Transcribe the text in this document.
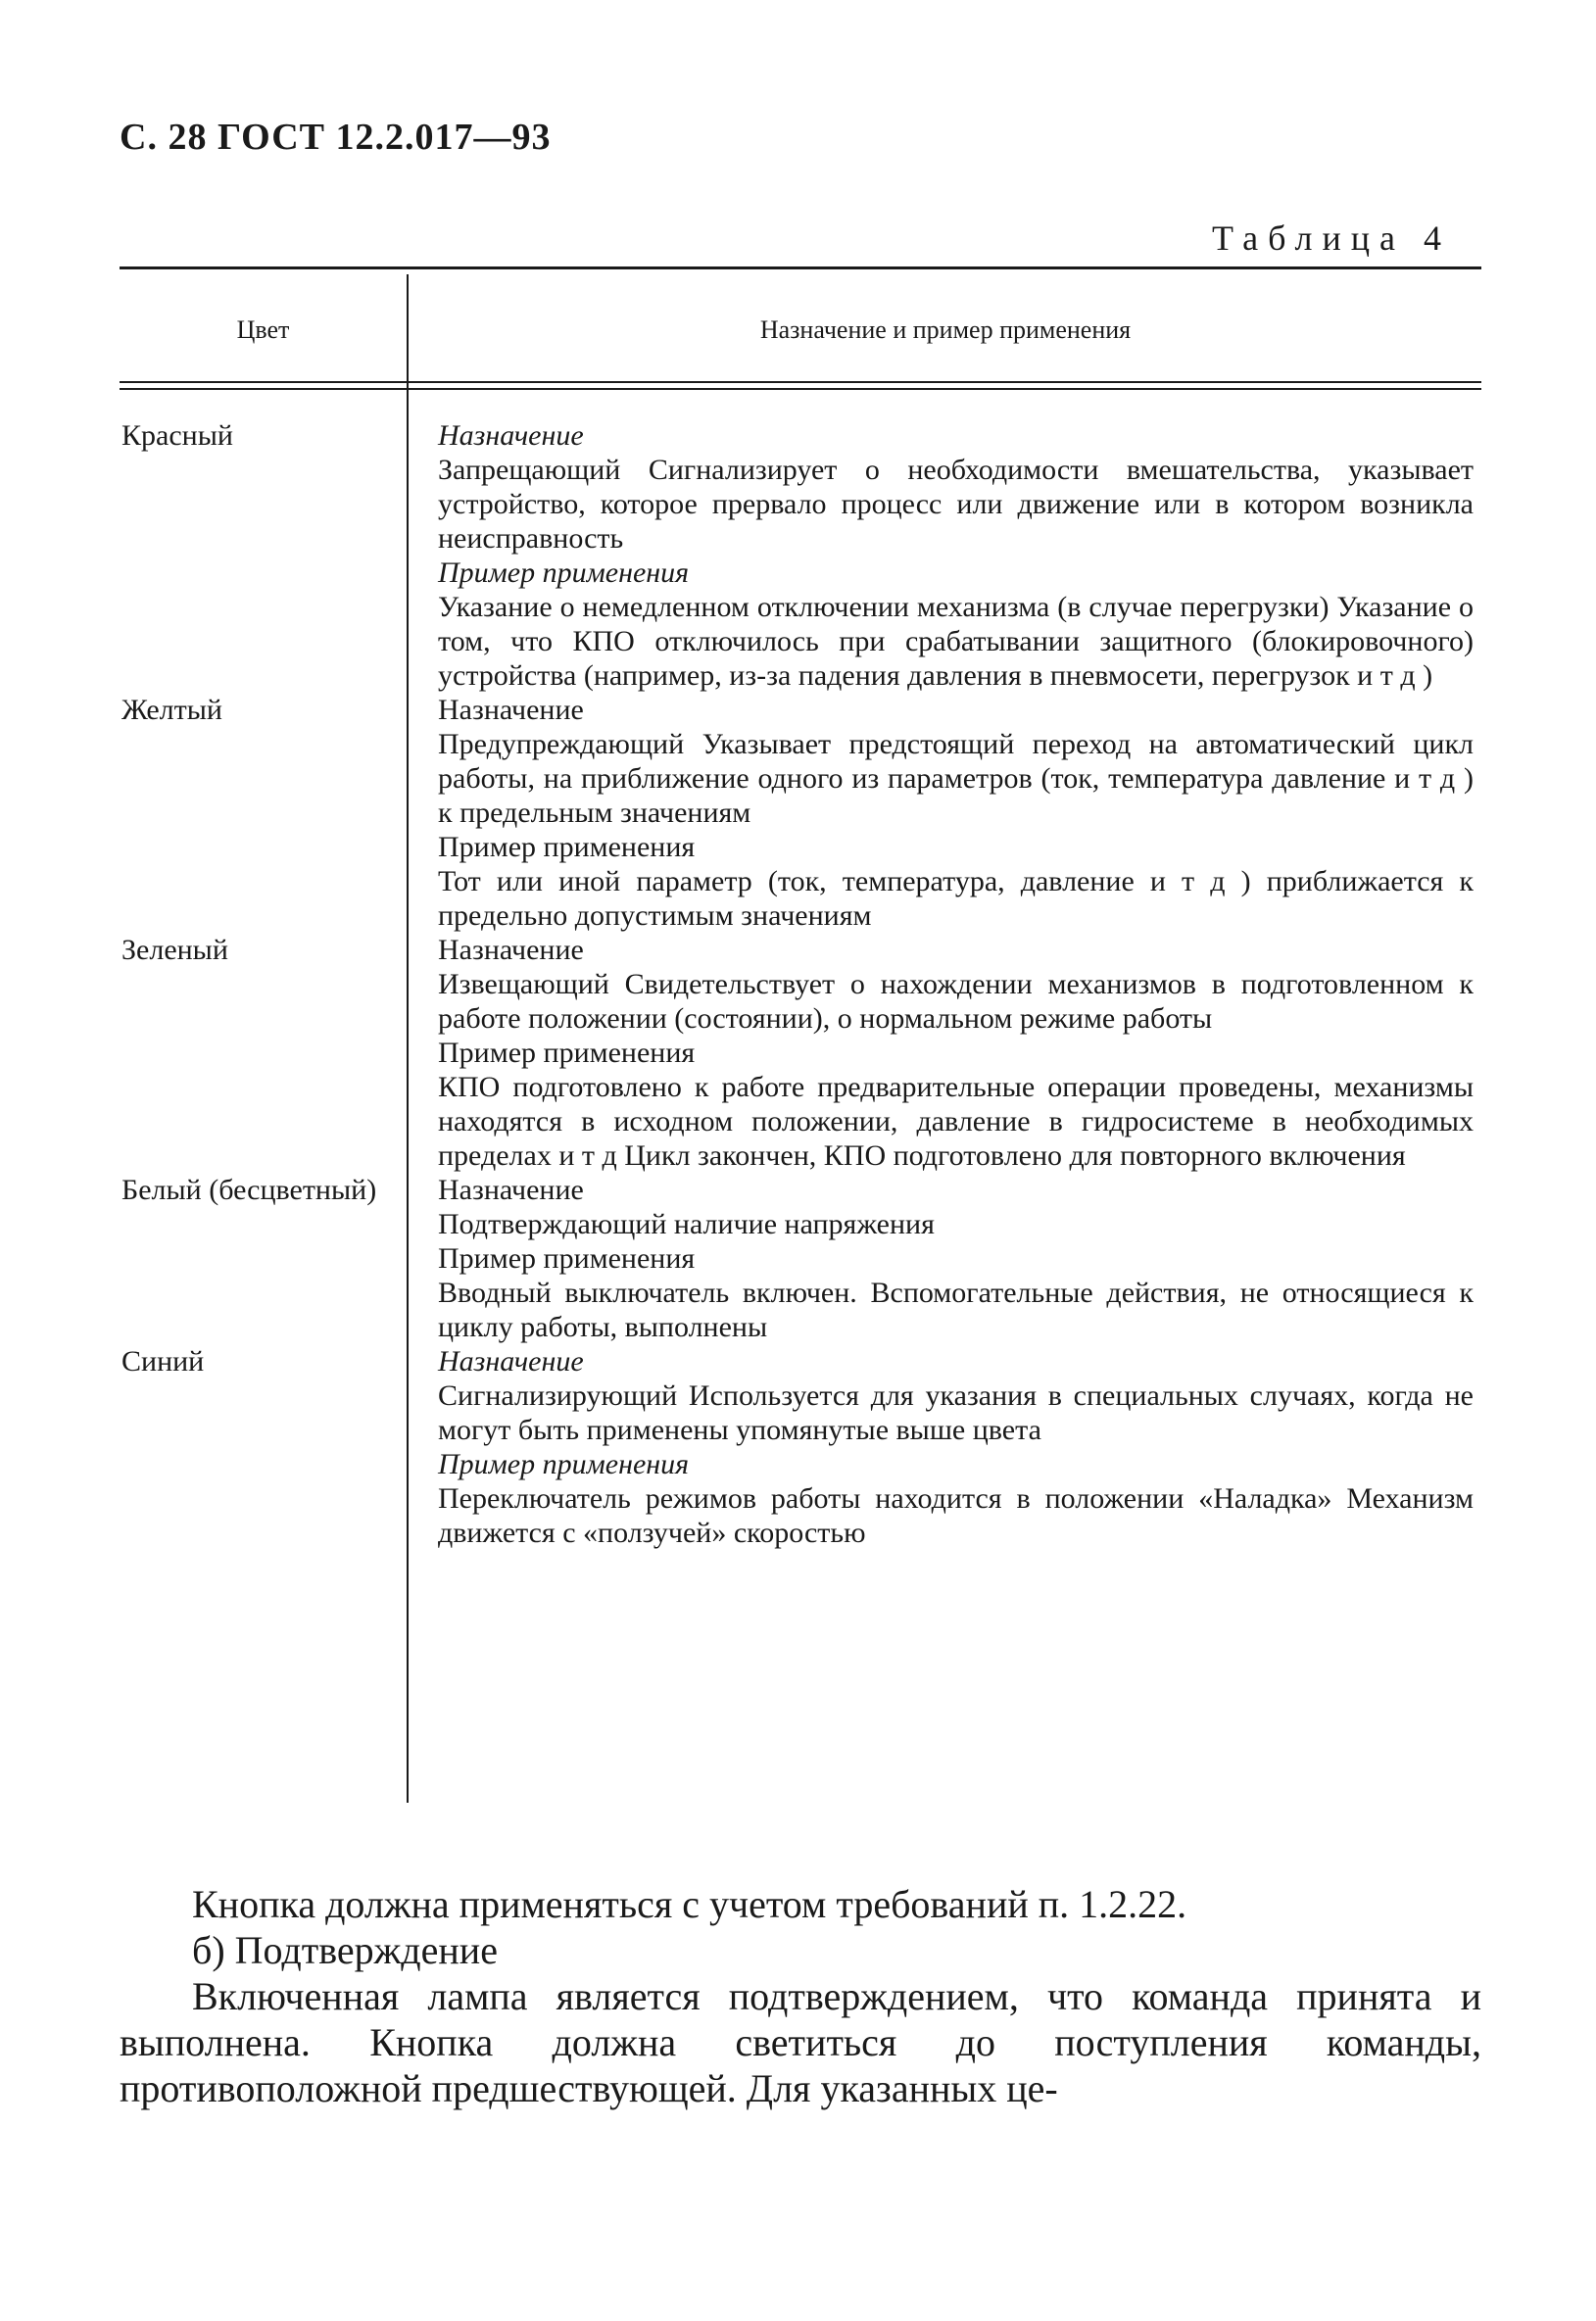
С. 28 ГОСТ 12.2.017—93
Таблица 4
Цвет	Назначение и пример применения
Красный	Назначение

Запрещающий Сигнализирует о необходимости вмешательства, указывает устройство, которое прервало процесс или движение или в котором возникла неисправность

Пример применения

Указание о немедленном отключении механизма (в случае перегрузки) Указание о том, что КПО отключилось при срабатывании защитного (блокировочного) устройства (например, из-за падения давления в пневмосети, перегрузок и т д )

Желтый	Назначение

Предупреждающий Указывает предстоящий переход на автоматический цикл работы, на приближение одного из параметров (ток, температура давление и т д ) к предельным значениям

Пример применения

Тот или иной параметр (ток, температура, давление и т д ) приближается к предельно допустимым значениям

Зеленый	Назначение

Извещающий Свидетельствует о нахождении механизмов в подготовленном к работе положении (состоянии), о нормальном режиме работы

Пример применения

КПО подготовлено к работе предварительные операции проведены, механизмы находятся в исходном положении, давление в гидросистеме в необходимых пределах и т д Цикл закончен, КПО подготовлено для повторного включения

Белый (бесцветный)	Назначение

Подтверждающий наличие напряжения

Пример применения

Вводный выключатель включен. Вспомогательные действия, не относящиеся к циклу работы, выполнены

Синий	Назначение

Сигнализирующий Используется для указания в специальных случаях, когда не могут быть применены упомянутые выше цвета

Пример применения

Переключатель режимов работы находится в положении «Наладка» Механизм движется с «ползучей» скоростью

Кнопка должна применяться с учетом требований п. 1.2.22.

б) Подтверждение

Включенная лампа является подтверждением, что команда принята и выполнена. Кнопка должна светиться до поступления команды, противоположной предшествующей. Для указанных це-
